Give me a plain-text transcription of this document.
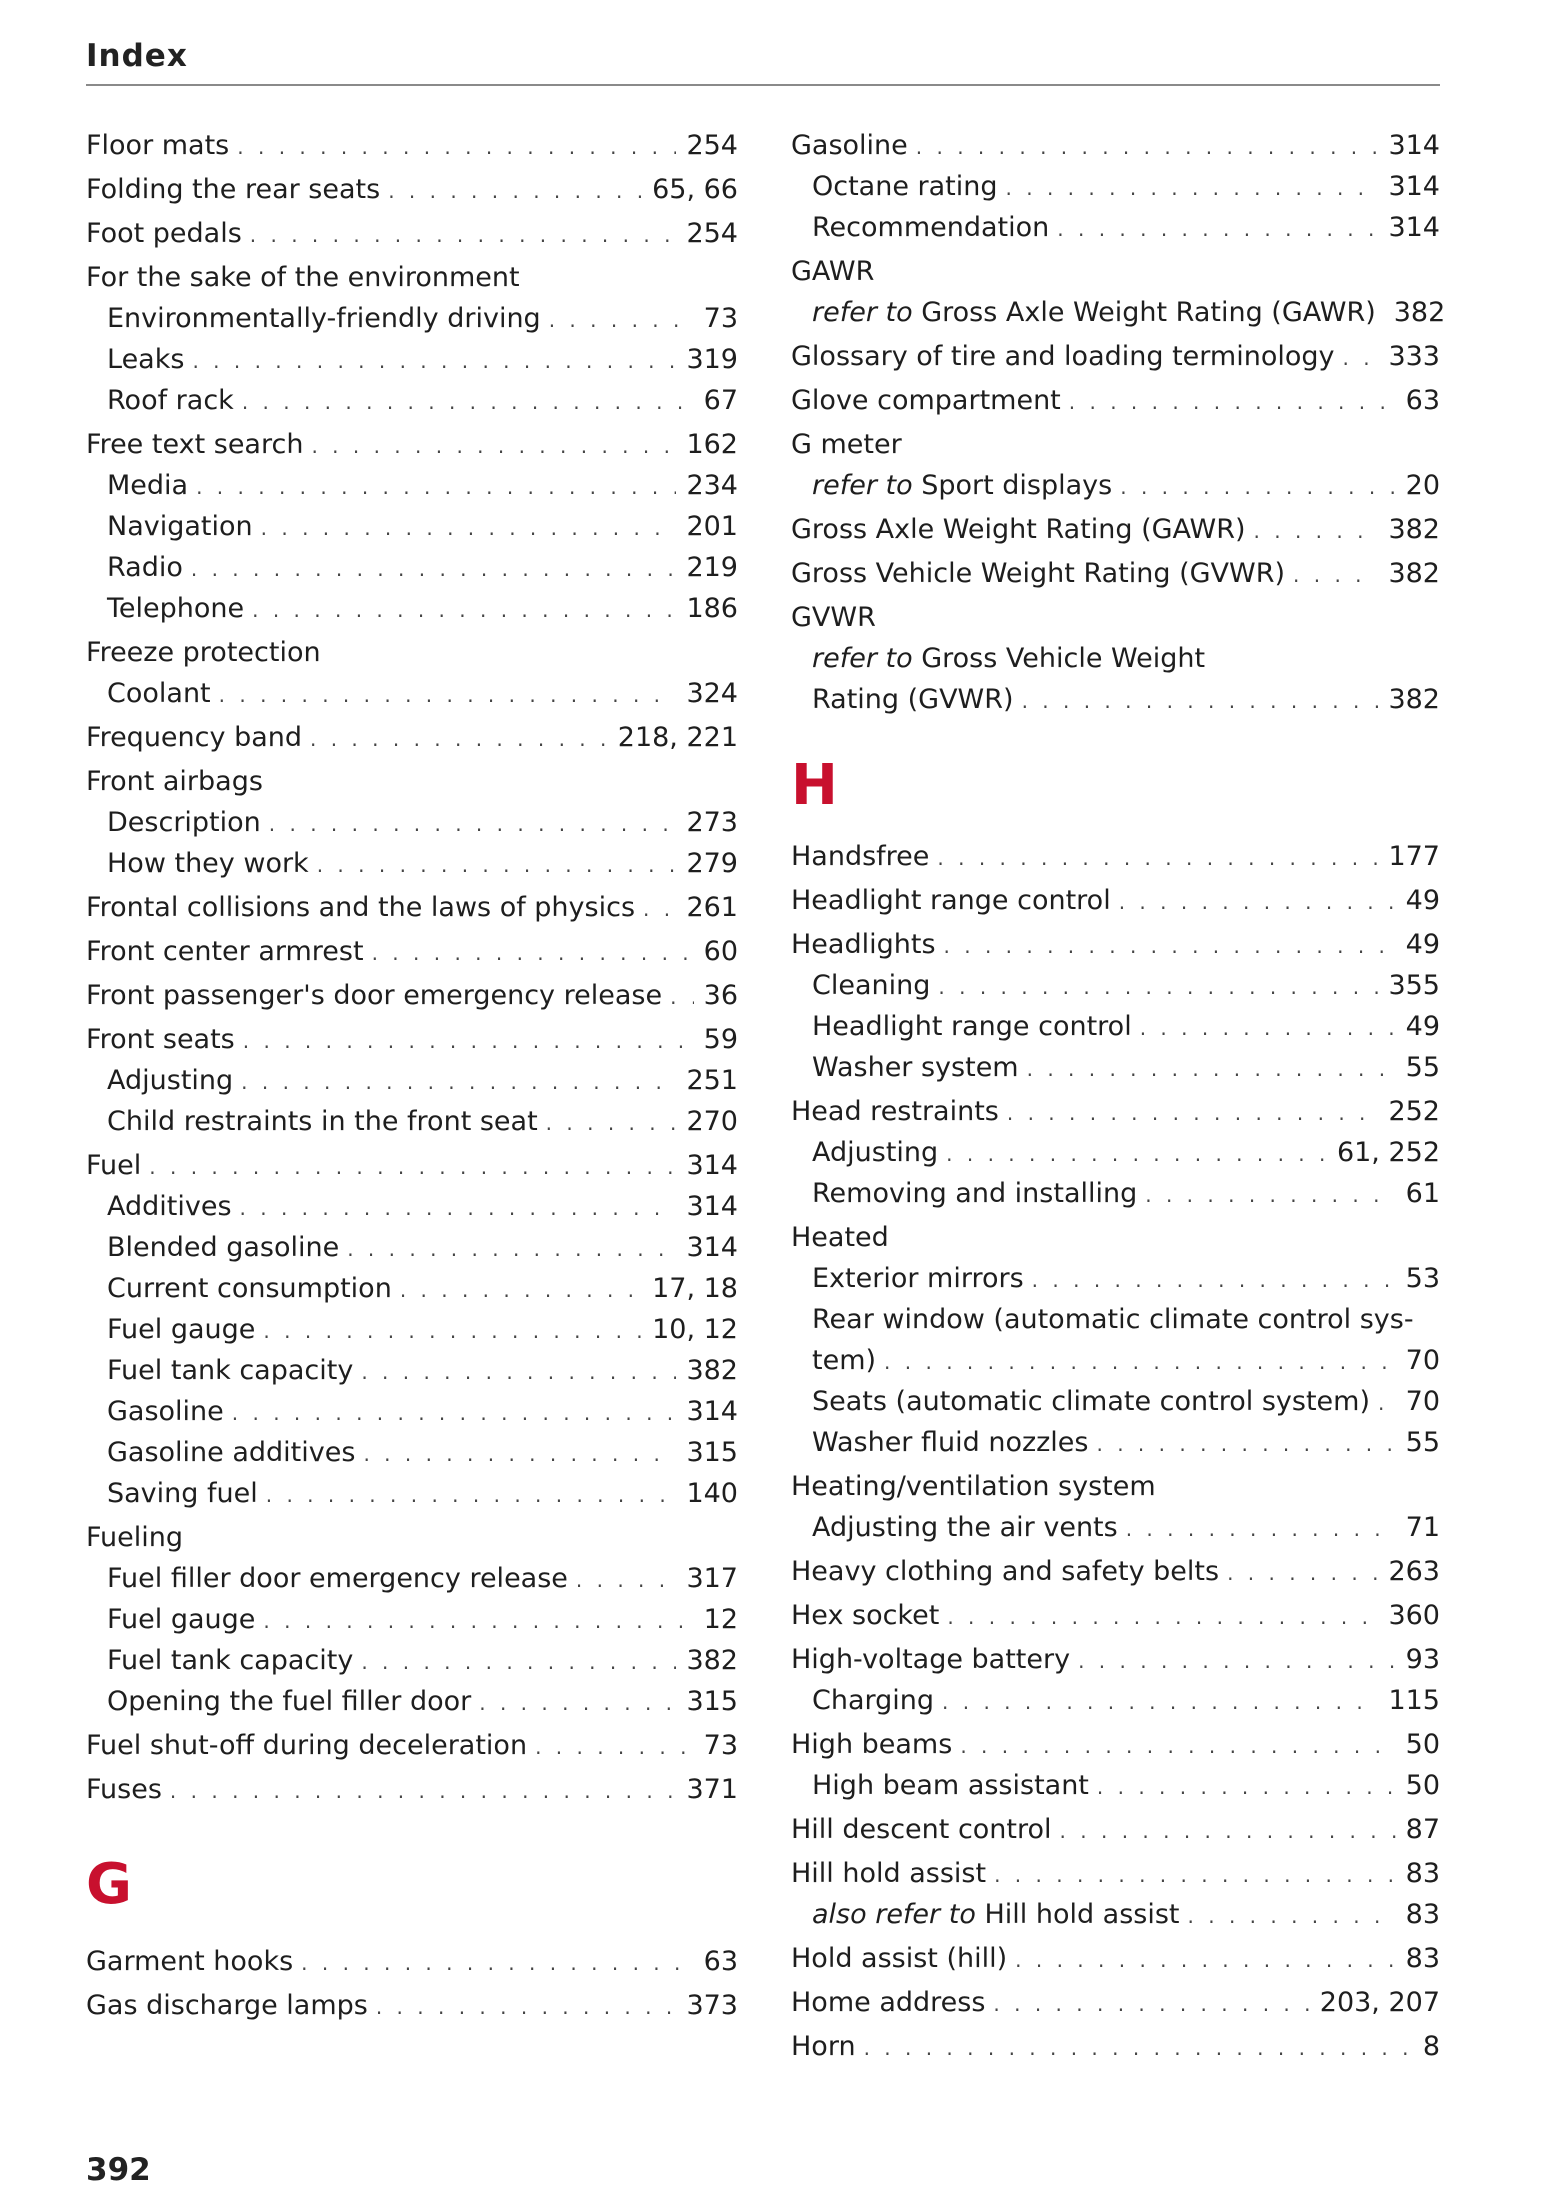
Index
Floor mats . . .	254
Folding the rear seats . . .	65, 66
Foot pedals . . .	254
For the sake of the environment
Environmentally-friendly driving . . .	73
Leaks . . .	319
Roof rack . . .	67
Free text search . . .	162
Media . . .	234
Navigation . . .	201
Radio . . .	219
Telephone . . .	186
Freeze protection
Coolant . . .	324
Frequency band . . .	218, 221
Front airbags
Description . . .	273
How they work . . .	279
Frontal collisions and the laws of physics . . . 261
Front center armrest . . .	60
Front passenger's door emergency release . . . 36
Front seats . . .	59
Adjusting . . .	251
Child restraints in the front seat . . .	270
Fuel . . .	314
Additives . . .	314
Blended gasoline . . .	314
Current consumption . . .	17, 18
Fuel gauge . . .	10, 12
Fuel tank capacity . . .	382
Gasoline . . .	314
Gasoline additives . . .	315
Saving fuel . . .	140
Fueling
Fuel filler door emergency release . . .	317
Fuel gauge . . .	12
Fuel tank capacity . . .	382
Opening the fuel filler door . . .	315
Fuel shut-off during deceleration . . .	73
Fuses . . .	371
G
Garment hooks . . .	63
Gas discharge lamps . . .	373
Gasoline . . .	314
Octane rating . . .	314
Recommendation . . .	314
GAWR
refer to Gross Axle Weight Rating (GAWR) 382
Glossary of tire and loading terminology . . . 333
Glove compartment . . .	63
G meter
refer to Sport displays . . .	20
Gross Axle Weight Rating (GAWR) . . .	382
Gross Vehicle Weight Rating (GVWR) . . .	382
GVWR
refer to Gross Vehicle Weight
Rating (GVWR) . . .	382
H
Handsfree . . .	177
Headlight range control . . .	49
Headlights . . .	49
Cleaning . . .	355
Headlight range control . . .	49
Washer system . . .	55
Head restraints . . .	252
Adjusting . . .	61, 252
Removing and installing . . .	61
Heated
Exterior mirrors . . .	53
Rear window (automatic climate control sys-
tem) . . .	70
Seats (automatic climate control system) . . . 70
Washer fluid nozzles . . .	55
Heating/ventilation system
Adjusting the air vents . . .	71
Heavy clothing and safety belts . . .	263
Hex socket . . .	360
High-voltage battery . . .	93
Charging . . .	115
High beams . . .	50
High beam assistant . . .	50
Hill descent control . . .	87
Hill hold assist . . .	83
also refer to Hill hold assist . . .	83
Hold assist (hill) . . .	83
Home address . . .	203, 207
Horn . . .	8
392
